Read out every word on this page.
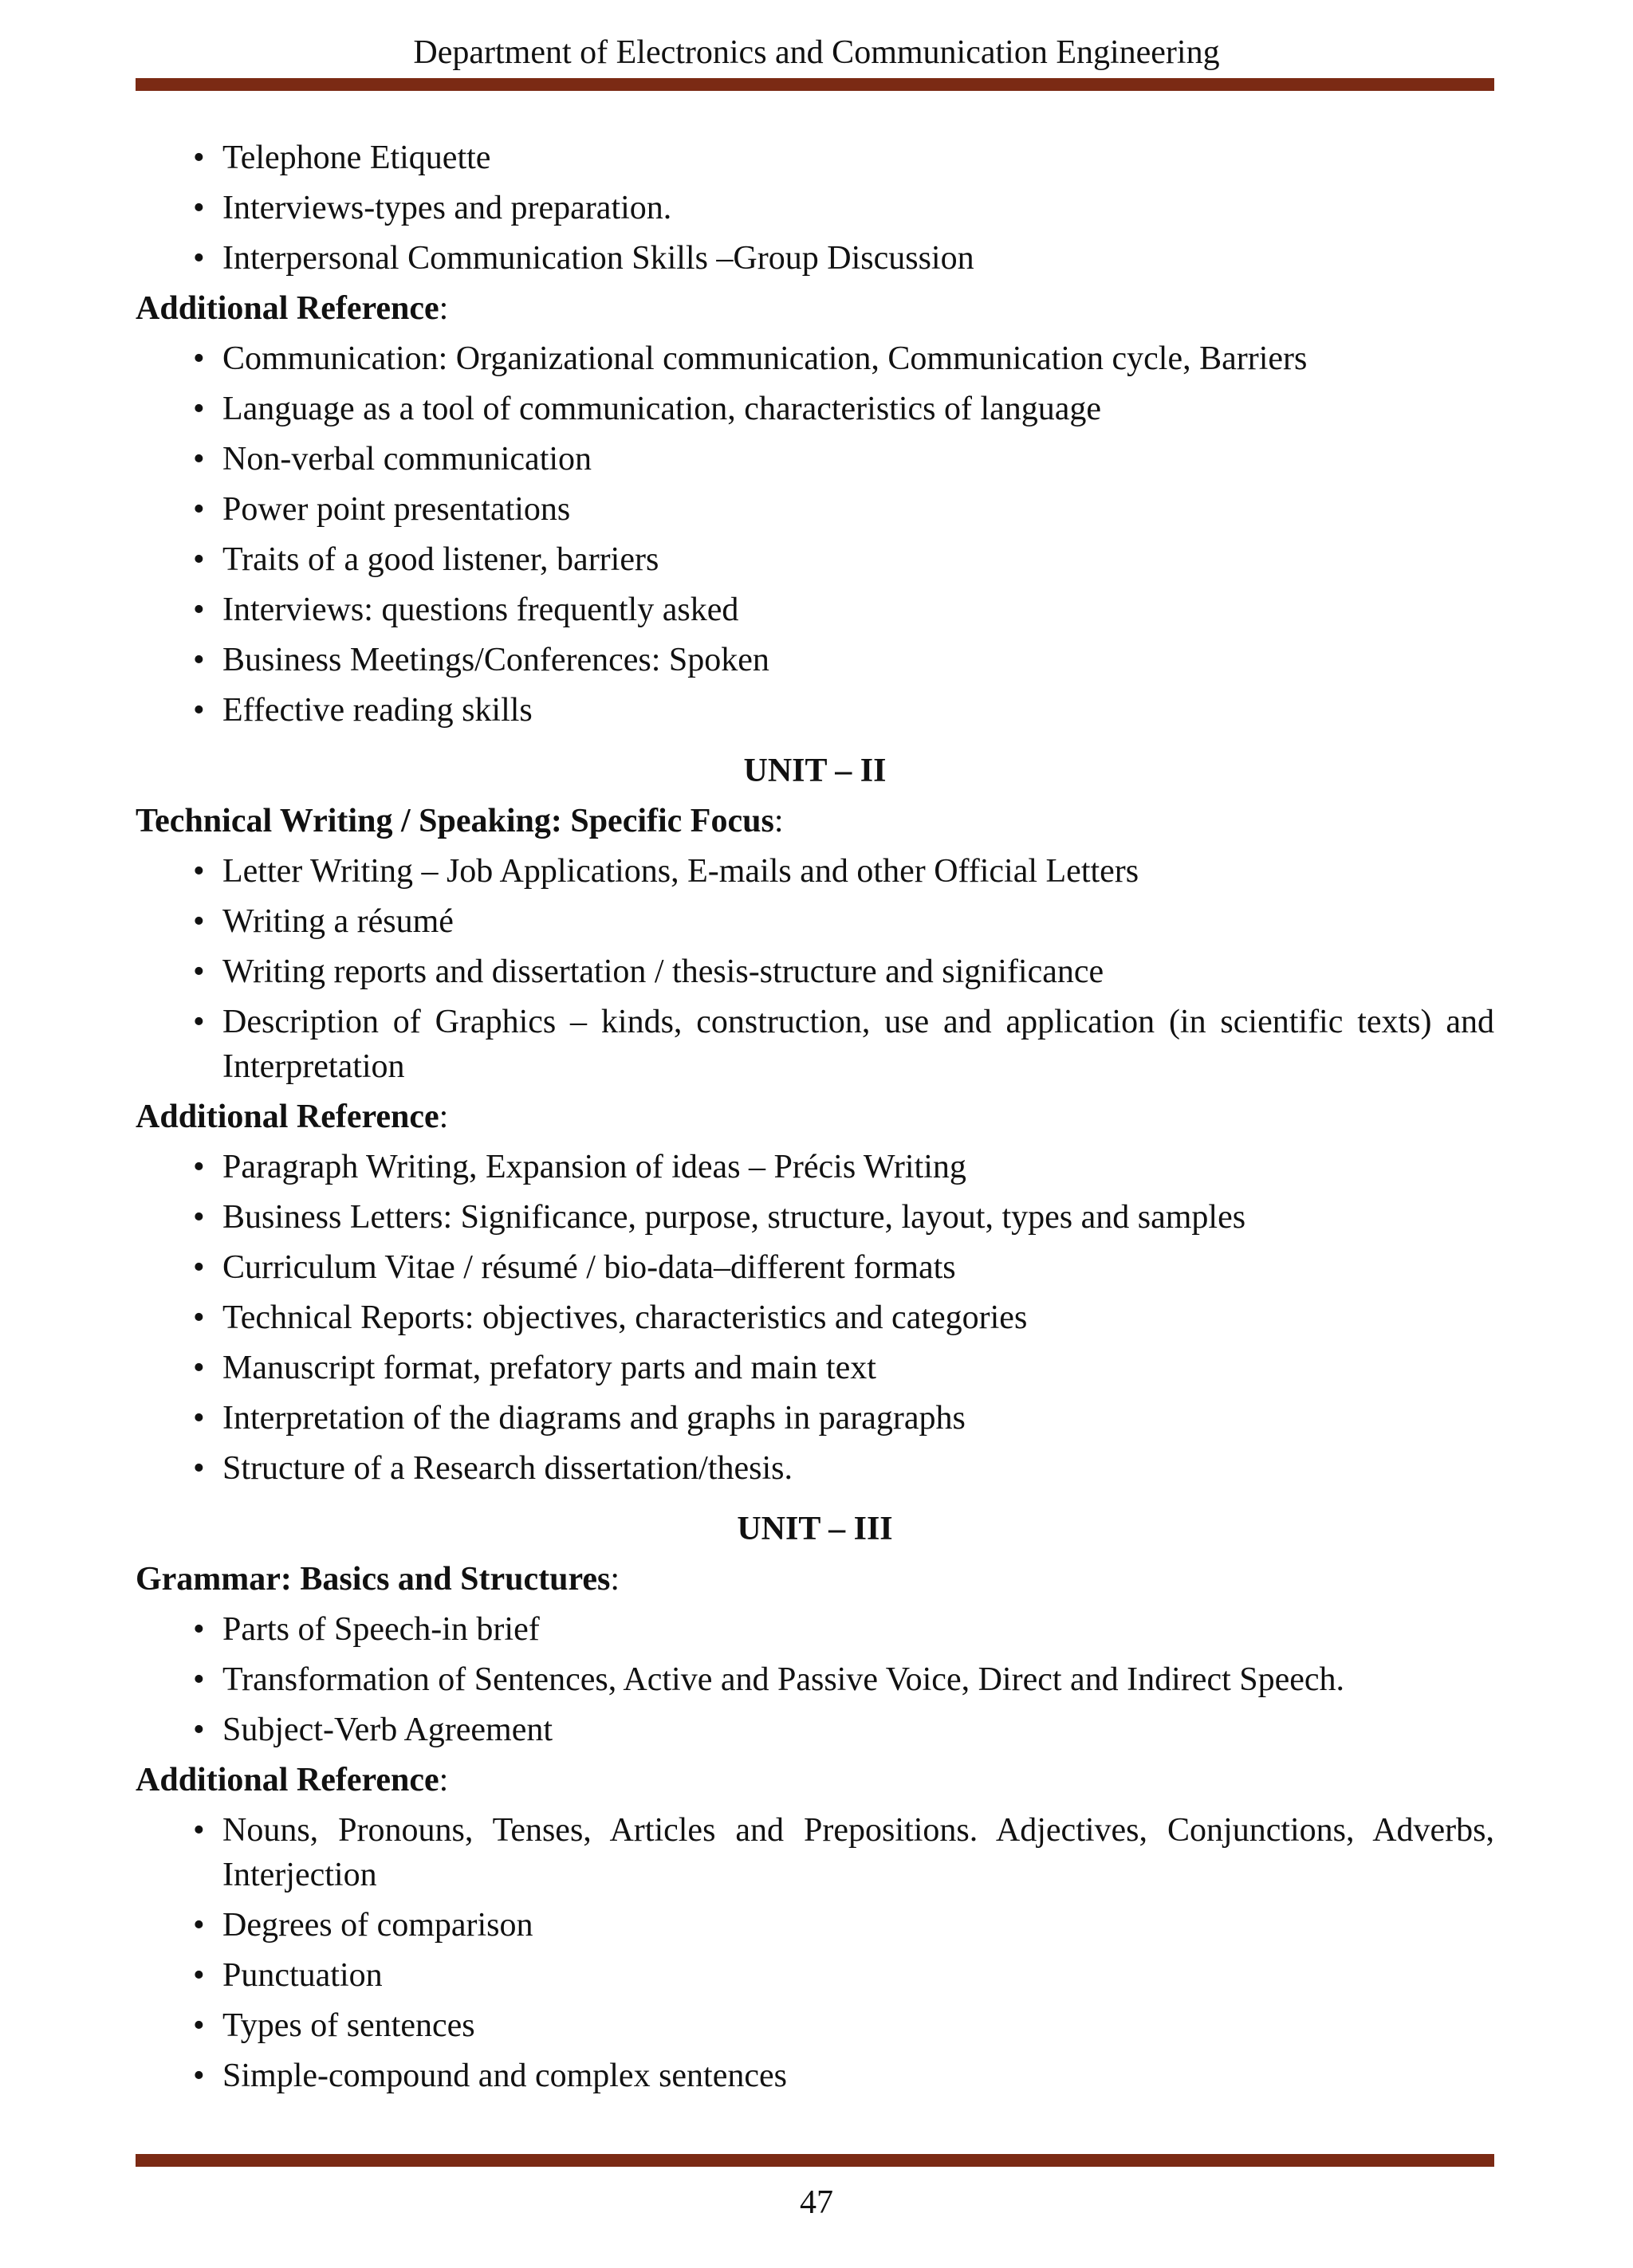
Department of Electronics and Communication Engineering
• Telephone Etiquette
• Interviews-types and preparation.
• Interpersonal Communication Skills –Group Discussion

Additional Reference:

• Communication: Organizational communication, Communication cycle, Barriers
• Language as a tool of communication, characteristics of language
• Non-verbal communication
• Power point presentations
• Traits of a good listener, barriers
• Interviews: questions frequently asked
• Business Meetings/Conferences: Spoken
• Effective reading skills
UNIT – II

Technical Writing / Speaking: Specific Focus:

• Letter Writing – Job Applications, E-mails and other Official Letters
• Writing a résumé
• Writing reports and dissertation / thesis-structure and significance
• Description of Graphics – kinds, construction, use and application (in scientific texts) and Interpretation

Additional Reference:

• Paragraph Writing, Expansion of ideas – Précis Writing
• Business Letters: Significance, purpose, structure, layout, types and samples
• Curriculum Vitae / résumé / bio-data–different formats
• Technical Reports: objectives, characteristics and categories
• Manuscript format, prefatory parts and main text
• Interpretation of the diagrams and graphs in paragraphs
• Structure of a Research dissertation/thesis.
UNIT – III

Grammar: Basics and Structures:

• Parts of Speech-in brief
• Transformation of Sentences, Active and Passive Voice, Direct and Indirect Speech.
• Subject-Verb Agreement

Additional Reference:

• Nouns, Pronouns, Tenses, Articles and Prepositions. Adjectives, Conjunctions, Adverbs, Interjection
• Degrees of comparison
• Punctuation
• Types of sentences
• Simple-compound and complex sentences
47
